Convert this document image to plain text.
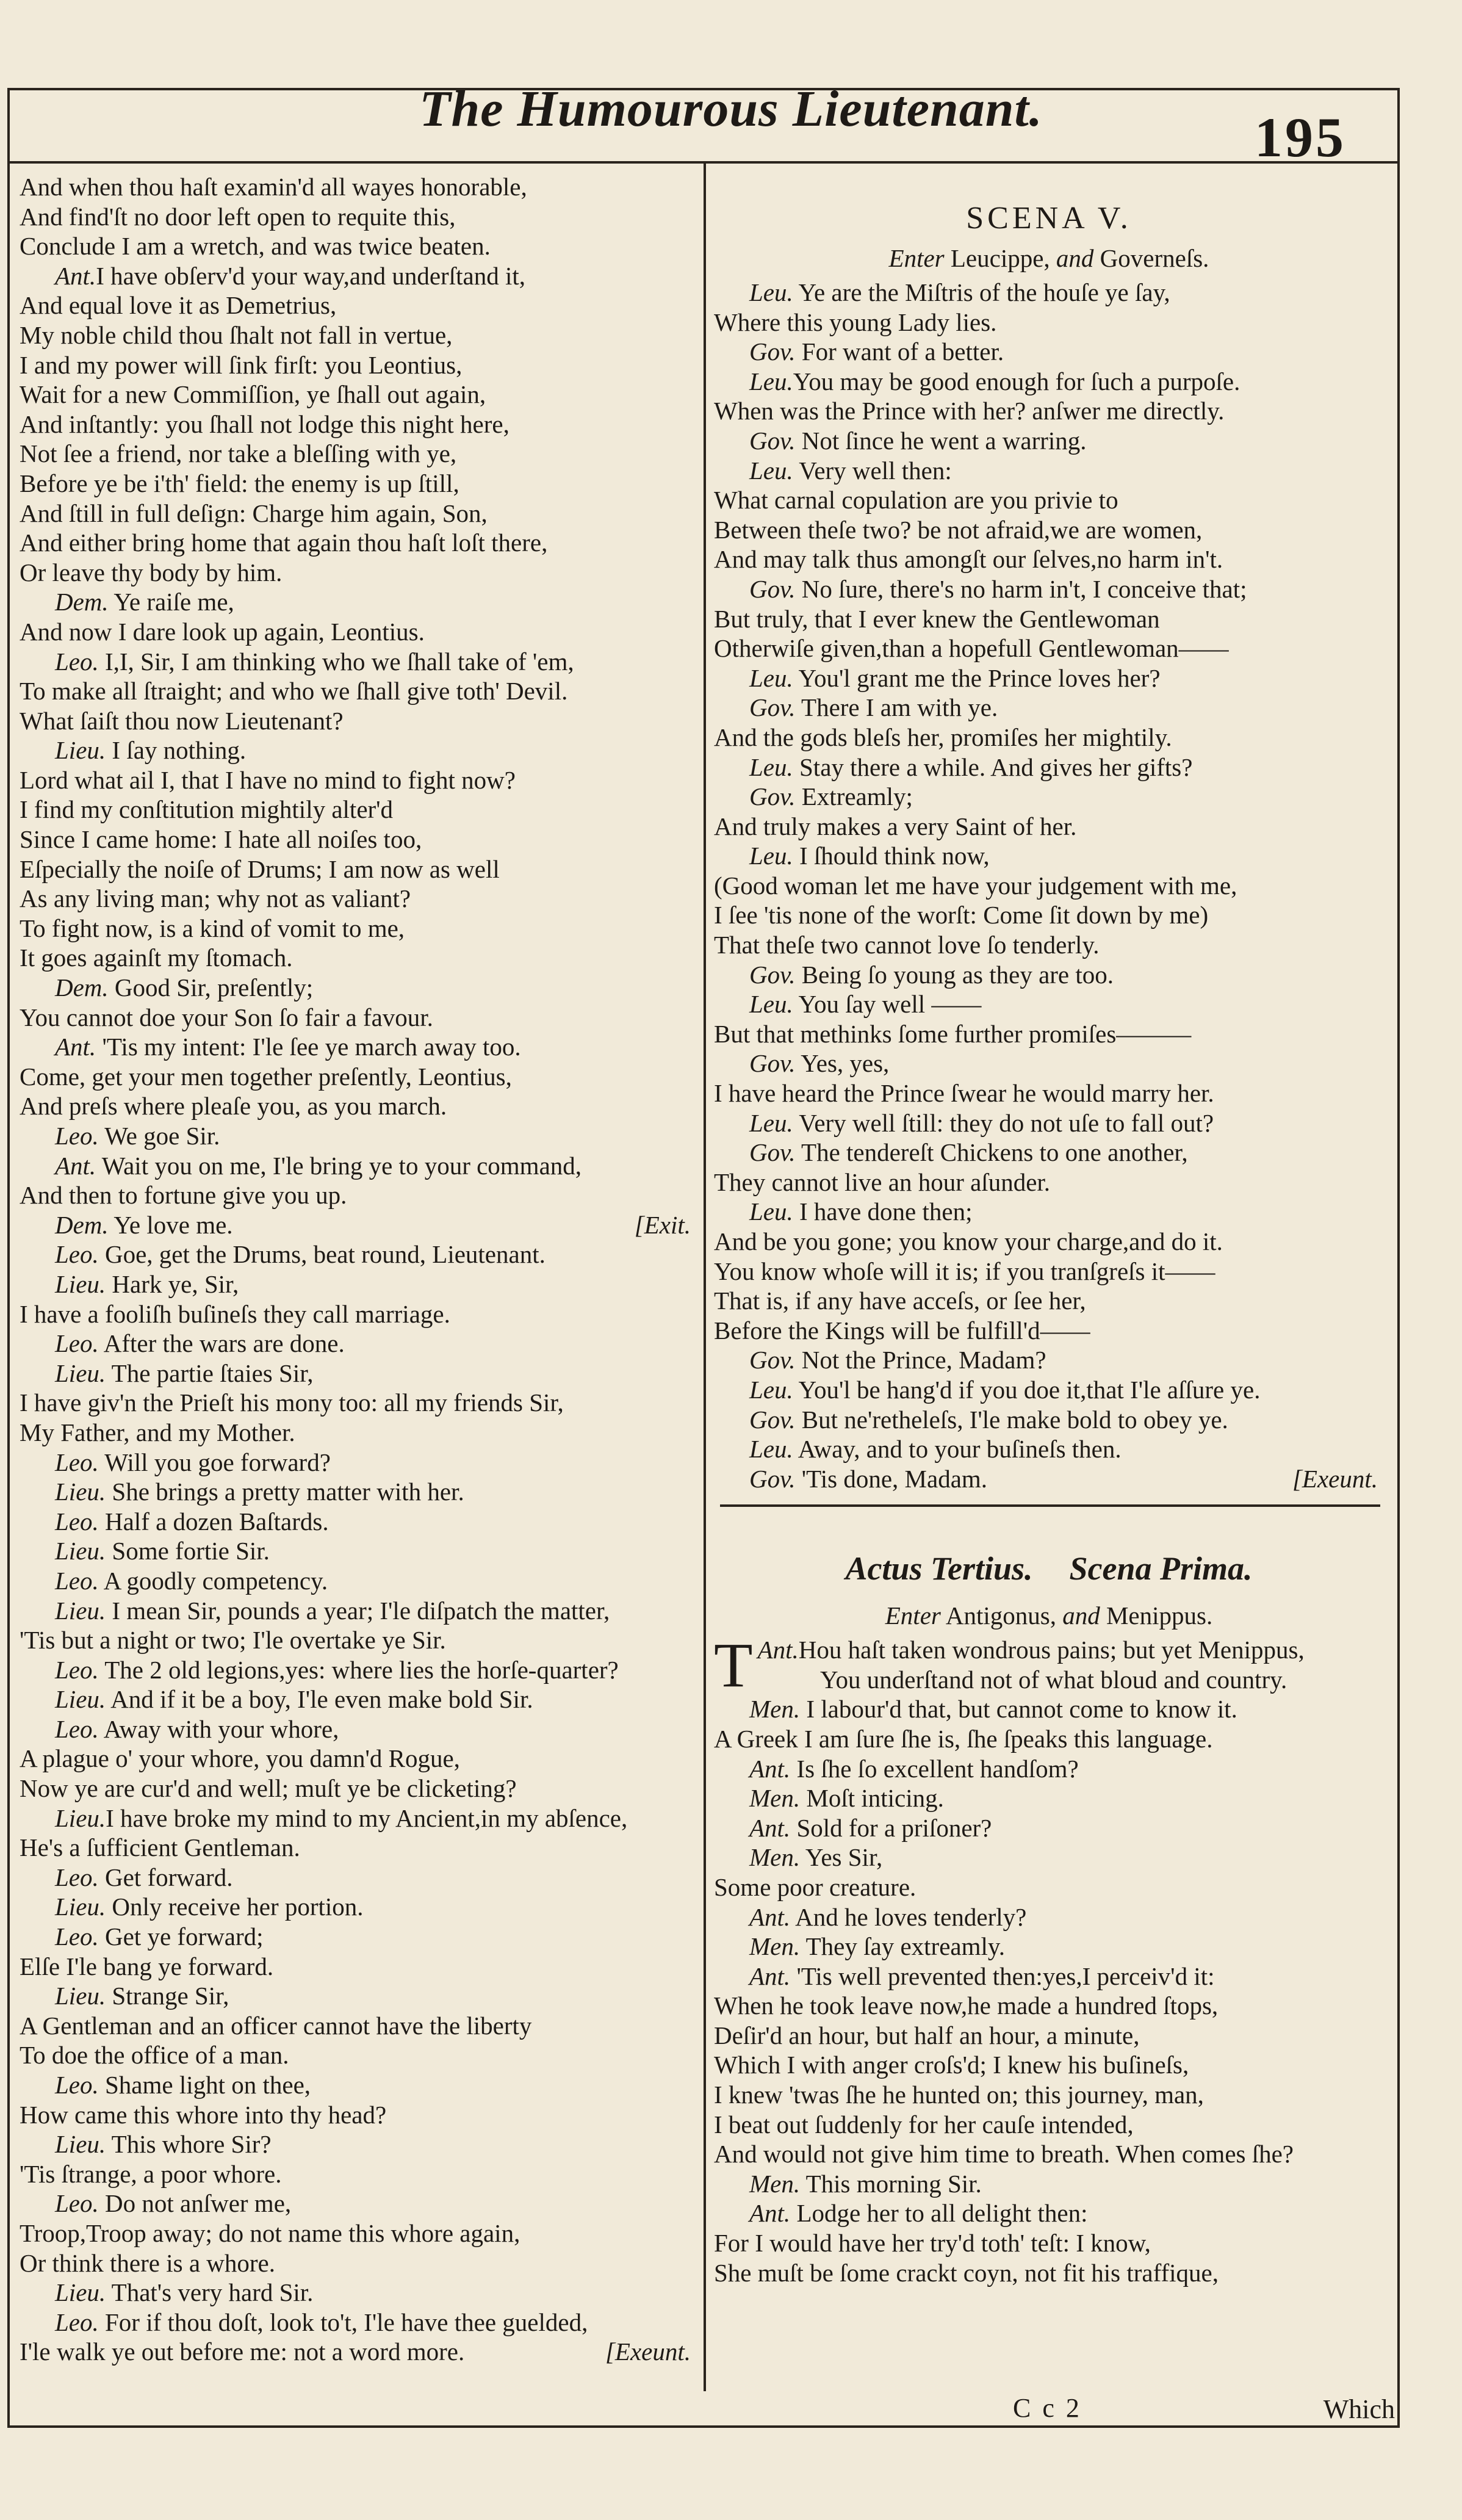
The Humourous Lieutenant.	195
And when thou haſt examin'd all wayes honorable,
And find'ſt no door left open to requite this,
Conclude I am a wretch, and was twice beaten.
Ant.I have obſerv'd your way,and underſtand it,
And equal love it as Demetrius,
My noble child thou ſhalt not fall in vertue,
I and my power will ſink firſt: you Leontius,
Wait for a new Commiſſion, ye ſhall out again,
And inſtantly: you ſhall not lodge this night here,
Not ſee a friend, nor take a bleſſing with ye,
Before ye be i'th' field: the enemy is up ſtill,
And ſtill in full deſign: Charge him again, Son,
And either bring home that again thou haſt loſt there,
Or leave thy body by him.
Dem. Ye raiſe me,
And now I dare look up again, Leontius.
Leo. I,I, Sir, I am thinking who we ſhall take of 'em,
To make all ſtraight; and who we ſhall give toth' Devil.
What ſaiſt thou now Lieutenant?
Lieu. I ſay nothing.
Lord what ail I, that I have no mind to fight now?
I find my conſtitution mightily alter'd
Since I came home: I hate all noiſes too,
Eſpecially the noiſe of Drums; I am now as well
As any living man; why not as valiant?
To fight now, is a kind of vomit to me,
It goes againſt my ſtomach.
Dem. Good Sir, preſently;
You cannot doe your Son ſo fair a favour.
Ant. 'Tis my intent: I'le ſee ye march away too.
Come, get your men together preſently, Leontius,
And preſs where pleaſe you, as you march.
Leo. We goe Sir.
Ant. Wait you on me, I'le bring ye to your command,
And then to fortune give you up.
Dem. Ye love me.	[Exit.
Leo. Goe, get the Drums, beat round, Lieutenant.
Lieu. Hark ye, Sir,
I have a fooliſh buſineſs they call marriage.
Leo. After the wars are done.
Lieu. The partie ſtaies Sir,
I have giv'n the Prieſt his mony too: all my friends Sir,
My Father, and my Mother.
Leo. Will you goe forward?
Lieu. She brings a pretty matter with her.
Leo. Half a dozen Baſtards.
Lieu. Some fortie Sir.
Leo. A goodly competency.
Lieu. I mean Sir, pounds a year; I'le diſpatch the matter,
'Tis but a night or two; I'le overtake ye Sir.
Leo. The 2 old legions,yes: where lies the horſe-quarter?
Lieu. And if it be a boy, I'le even make bold Sir.
Leo. Away with your whore,
A plague o' your whore, you damn'd Rogue,
Now ye are cur'd and well; muſt ye be clicketing?
Lieu.I have broke my mind to my Ancient,in my abſence,
He's a ſufficient Gentleman.
Leo. Get forward.
Lieu. Only receive her portion.
Leo. Get ye forward;
Elſe I'le bang ye forward.
Lieu. Strange Sir,
A Gentleman and an officer cannot have the liberty
To doe the office of a man.
Leo. Shame light on thee,
How came this whore into thy head?
Lieu. This whore Sir?
'Tis ſtrange, a poor whore.
Leo. Do not anſwer me,
Troop,Troop away; do not name this whore again,
Or think there is a whore.
Lieu. That's very hard Sir.
Leo. For if thou doſt, look to't, I'le have thee guelded,
I'le walk ye out before me: not a word more.	[Exeunt.
SCENA V.
Enter Leucippe, and Governeſs.
Leu. Ye are the Miſtris of the houſe ye ſay,
Where this young Lady lies.
Gov. For want of a better.
Leu.You may be good enough for ſuch a purpoſe.
When was the Prince with her? anſwer me directly.
Gov. Not ſince he went a warring.
Leu. Very well then:
What carnal copulation are you privie to
Between theſe two? be not afraid,we are women,
And may talk thus amongſt our ſelves,no harm in't.
Gov. No ſure, there's no harm in't, I conceive that;
But truly, that I ever knew the Gentlewoman
Otherwiſe given,than a hopefull Gentlewoman——
Leu. You'l grant me the Prince loves her?
Gov. There I am with ye.
And the gods bleſs her, promiſes her mightily.
Leu. Stay there a while. And gives her gifts?
Gov. Extreamly;
And truly makes a very Saint of her.
Leu. I ſhould think now,
(Good woman let me have your judgement with me,
I ſee 'tis none of the worſt: Come ſit down by me)
That theſe two cannot love ſo tenderly.
Gov. Being ſo young as they are too.
Leu. You ſay well ——
But that methinks ſome further promiſes———
Gov. Yes, yes,
I have heard the Prince ſwear he would marry her.
Leu. Very well ſtill: they do not uſe to fall out?
Gov. The tendereſt Chickens to one another,
They cannot live an hour aſunder.
Leu. I have done then;
And be you gone; you know your charge,and do it.
You know whoſe will it is; if you tranſgreſs it——
That is, if any have acceſs, or ſee her,
Before the Kings will be fulfill'd——
Gov. Not the Prince, Madam?
Leu. You'l be hang'd if you doe it,that I'le aſſure ye.
Gov. But ne'retheleſs, I'le make bold to obey ye.
Leu. Away, and to your buſineſs then.
Gov. 'Tis done, Madam.	[Exeunt.
Actus Tertius. Scena Prima.
Enter Antigonus, and Menippus.
Ant.
T Hou haſt taken wondrous pains; but yet Menippus,
You underſtand not of what bloud and country.
Men. I labour'd that, but cannot come to know it.
A Greek I am ſure ſhe is, ſhe ſpeaks this language.
Ant. Is ſhe ſo excellent handſom?
Men. Moſt inticing.
Ant. Sold for a priſoner?
Men. Yes Sir,
Some poor creature.
Ant. And he loves tenderly?
Men. They ſay extreamly.
Ant. 'Tis well prevented then:yes,I perceiv'd it:
When he took leave now,he made a hundred ſtops,
Deſir'd an hour, but half an hour, a minute,
Which I with anger croſs'd; I knew his buſineſs,
I knew 'twas ſhe he hunted on; this journey, man,
I beat out ſuddenly for her cauſe intended,
And would not give him time to breath. When comes ſhe?
Men. This morning Sir.
Ant. Lodge her to all delight then:
For I would have her try'd toth' teſt: I know,
She muſt be ſome crackt coyn, not fit his traffique,
C c 2	Which
